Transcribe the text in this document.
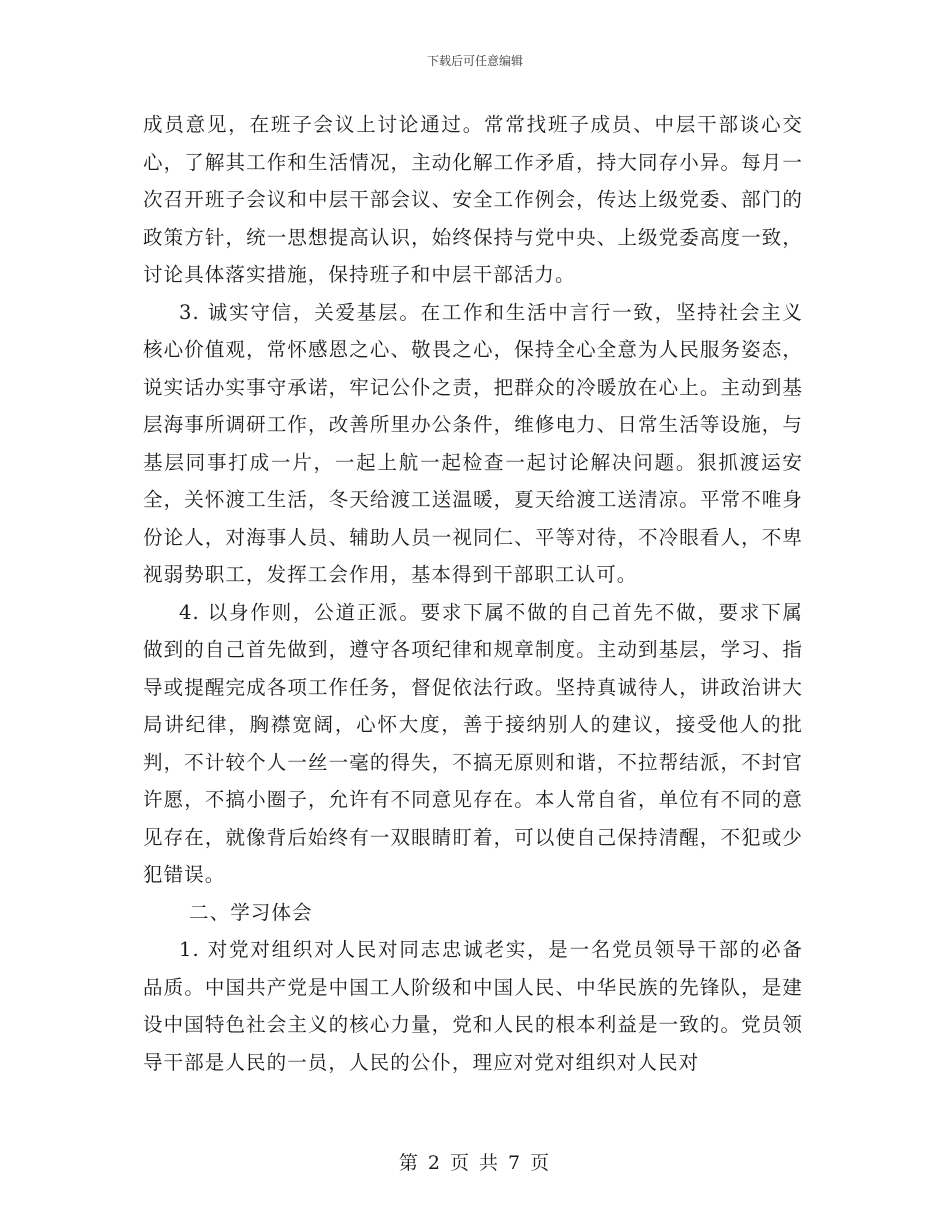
下载后可任意编辑

成员意见，在班子会议上讨论通过。常常找班子成员、中层干部谈心交心，了解其工作和生活情况，主动化解工作矛盾，持大同存小异。每月一次召开班子会议和中层干部会议、安全工作例会，传达上级党委、部门的政策方针，统一思想提高认识，始终保持与党中央、上级党委高度一致，讨论具体落实措施，保持班子和中层干部活力。

3. 诚实守信，关爱基层。在工作和生活中言行一致，坚持社会主义核心价值观，常怀感恩之心、敬畏之心，保持全心全意为人民服务姿态，说实话办实事守承诺，牢记公仆之责，把群众的冷暖放在心上。主动到基层海事所调研工作，改善所里办公条件，维修电力、日常生活等设施，与基层同事打成一片，一起上航一起检查一起讨论解决问题。狠抓渡运安全，关怀渡工生活，冬天给渡工送温暖，夏天给渡工送清凉。平常不唯身份论人，对海事人员、辅助人员一视同仁、平等对待，不冷眼看人，不卑视弱势职工，发挥工会作用，基本得到干部职工认可。

4. 以身作则，公道正派。要求下属不做的自己首先不做，要求下属做到的自己首先做到，遵守各项纪律和规章制度。主动到基层，学习、指导或提醒完成各项工作任务，督促依法行政。坚持真诚待人，讲政治讲大局讲纪律，胸襟宽阔，心怀大度，善于接纳别人的建议，接受他人的批判，不计较个人一丝一毫的得失，不搞无原则和谐，不拉帮结派，不封官许愿，不搞小圈子，允许有不同意见存在。本人常自省，单位有不同的意见存在，就像背后始终有一双眼睛盯着，可以使自己保持清醒，不犯或少犯错误。

二、学习体会

1. 对党对组织对人民对同志忠诚老实，是一名党员领导干部的必备品质。中国共产党是中国工人阶级和中国人民、中华民族的先锋队，是建设中国特色社会主义的核心力量，党和人民的根本利益是一致的。党员领导干部是人民的一员，人民的公仆，理应对党对组织对人民对

第 2 页 共 7 页
